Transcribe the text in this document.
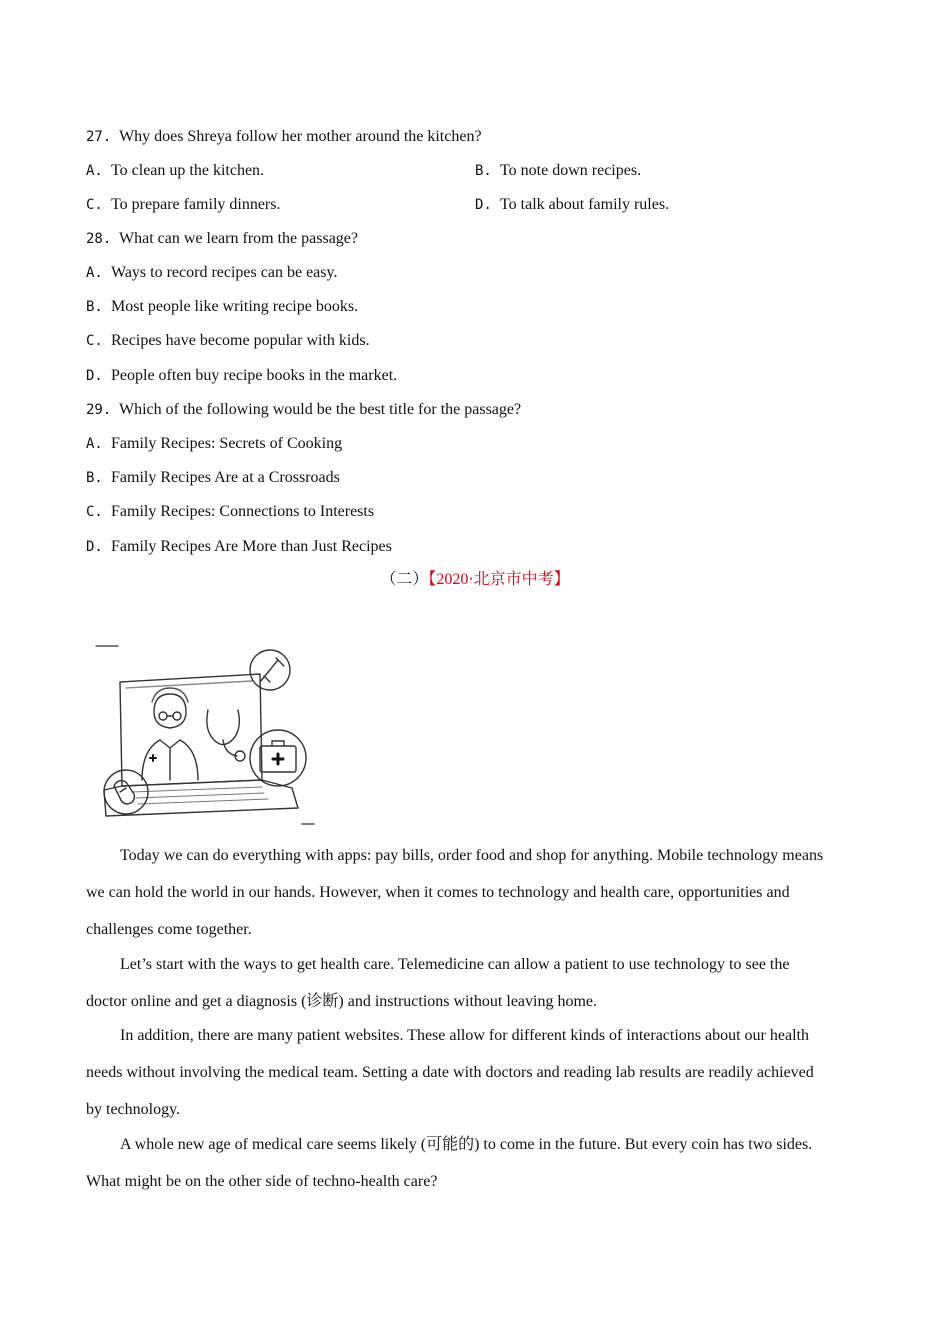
27. Why does Shreya follow her mother around the kitchen?
A. To clean up the kitchen.	B. To note down recipes.
C. To prepare family dinners.	D. To talk about family rules.
28. What can we learn from the passage?
A. Ways to record recipes can be easy.
B. Most people like writing recipe books.
C. Recipes have become popular with kids.
D. People often buy recipe books in the market.
29. Which of the following would be the best title for the passage?
A. Family Recipes: Secrets of Cooking
B. Family Recipes Are at a Crossroads
C. Family Recipes: Connections to Interests
D. Family Recipes Are More than Just Recipes
（二）【2020·北京市中考】
Today we can do everything with apps: pay bills, order food and shop for anything. Mobile technology means
we can hold the world in our hands. However, when it comes to technology and health care, opportunities and
challenges come together.
Let’s start with the ways to get health care. Telemedicine can allow a patient to use technology to see the
doctor online and get a diagnosis (诊断) and instructions without leaving home.
In addition, there are many patient websites. These allow for different kinds of interactions about our health
needs without involving the medical team. Setting a date with doctors and reading lab results are readily achieved
by technology.
A whole new age of medical care seems likely (可能的) to come in the future. But every coin has two sides.
What might be on the other side of techno-health care?
